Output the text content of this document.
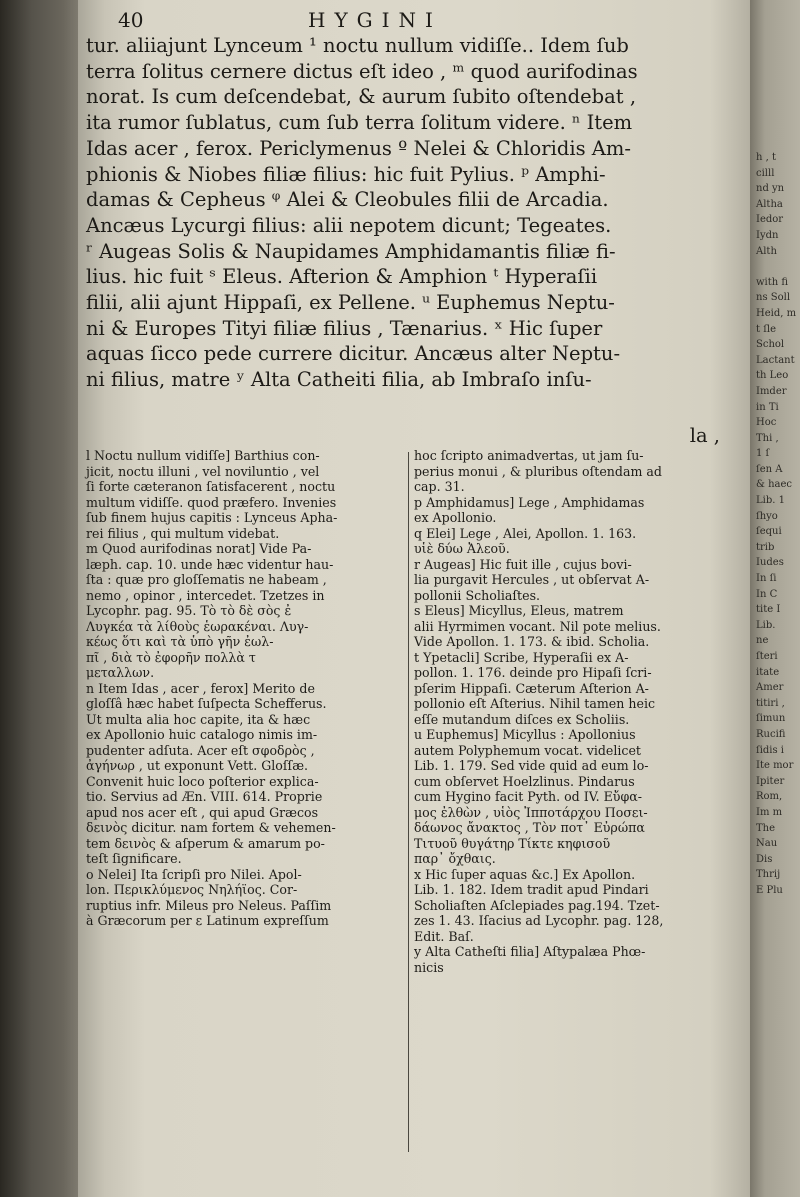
40	HYGINI

tur. aliiajunt Lynceum ¹ noctu nullum vidiſſe.. Idem ſub

terra ſolitus cernere dictus eſt ideo , ᵐ quod aurifodinas

norat. Is cum deſcendebat, & aurum ſubito oſtendebat ,

ita rumor ſublatus, cum ſub terra ſolitum videre. ⁿ Item

Idas acer , ferox. Periclymenus º Nelei & Chloridis Am-

phionis & Niobes filiæ filius: hic fuit Pylius. ᵖ Amphi-

damas & Cepheus ᵠ Alei & Cleobules filii de Arcadia.

Ancæus Lycurgi filius: alii nepotem dicunt; Tegeates.

ʳ Augeas Solis & Naupidames Amphidamantis filiæ fi-

lius. hic fuit ˢ Eleus. Afterion & Amphion ᵗ Hyperaſii

filii, alii ajunt Hippaſi, ex Pellene. ᵘ Euphemus Neptu-

ni & Europes Tityi filiæ filius , Tænarius. ˣ Hic ſuper

aquas ſicco pede currere dicitur. Ancæus alter Neptu-

ni filius, matre ʸ Alta Catheiti filia, ab Imbraſo inſu-

la ,

l Noctu nullum vidiſſe] Barthius con-

jicit, noctu illuni , vel noviluntio , vel

ſi forte cæteranon ſatisfacerent , noctu

multum vidiſſe. quod præfero. Invenies

ſub finem hujus capitis : Lynceus Apha-

rei filius , qui multum videbat.

m Quod aurifodinas norat] Vide Pa-

læph. cap. 10. unde hæc videntur hau-

ſta : quæ pro gloſſematis ne habeam ,

nemo , opinor , intercedet. Tzetzes in

Lycophr. pag. 95. Τὸ τὸ δὲ σὸς ἐ

Λυγκέα τὰ λίθοὺς ἑωρακέναι. Λυγ-

κέως ὅτι καὶ τὰ ὑπὸ γῆν ἐωλ-

πῖ , διὰ τὸ ἐφορῆν πολλὰ τ

μεταλλων.

n Item Idas , acer , ferox] Merito de

gloſſâ hæc habet ſuſpecta Schefferus.

Ut multa alia hoc capite, ita & hæc

ex Apollonio huic catalogo nimis im-

pudenter adſuta. Acer eſt σφοδρὸς ,

ἀγήνωρ , ut exponunt Vett. Gloſſæ.

Convenit huic loco poſterior explica-

tio. Servius ad Æn. VIII. 614. Proprie

apud nos acer eſt , qui apud Græcos

δεινὸς dicitur. nam fortem & vehemen-

tem δεινὸς & aſperum & amarum po-

teſt ſignificare.

o Nelei] Ita ſcripſi pro Nilei. Apol-

lon. Περικλύμενος Νηλήϊος. Cor-

ruptius infr. Mileus pro Neleus. Paſſim

à Græcorum per ε Latinum expreſſum

hoc ſcripto animadvertas, ut jam ſu-

perius monui , & pluribus oſtendam ad

cap. 31.

p Amphidamus] Lege , Amphidamas

ex Apollonio.

q Elei] Lege , Alei, Apollon. 1. 163.

υἱὲ δύω Ἀλεοῦ.

r Augeas] Hic fuit ille , cujus bovi-

lia purgavit Hercules , ut obſervat A-

pollonii Scholiaſtes.

s Eleus] Micyllus, Eleus, matrem

alii Hyrmimen vocant. Nil pote melius.

Vide Apollon. 1. 173. & ibid. Scholia.

t Ypetacli] Scribe, Hyperaſii ex A-

pollon. 1. 176. deinde pro Hipaſi ſcri-

pſerim Hippaſi. Cæterum Aſterion A-

pollonio eſt Aſterius. Nihil tamen heic

eſſe mutandum diſces ex Scholiis.

u Euphemus] Micyllus : Apollonius

autem Polyphemum vocat. videlicet

Lib. 1. 179. Sed vide quid ad eum lo-

cum obſervet Hoelzlinus. Pindarus

cum Hygino facit Pyth. od IV. Εὔφα-

μος ἐλθὼν , υἱὸς Ἰπποτάρχου Ποσει-

δάωνος ἄνακτος , Τὸν ποτ᾽ Εὐρώπα

Τιτυοῦ θυγάτηρ Τίκτε κηφισοῦ

παρ᾽ ὄχθαις.

x Hic ſuper aquas &c.] Ex Apollon.

Lib. 1. 182. Idem tradit apud Pindari

Scholiaſten Aſclepiades pag.194. Tzet-

zes 1. 43. Iſacius ad Lycophr. pag. 128,

Edit. Baſ.

y Alta Catheſti filia] Aſtypalæa Phœ-

nicis

h , t
cilll
nd yn
Altha
Iedor
Iydn
Alth
with fi
ns Soll
Heid, m
t ſle
Schol
Lactant
th Leo
Imder
in Ti
Hoc
Thi ,
1 ſ
ſen A
& haec
Lib. 1
ſhyo
ſequi
trib
Iudes
In ſi
In C
tite I
Lib.
ne
ſteri
itate
Amer
titiri ,
ſimun
Rucifi
ſidis i
Ite mor
Ipiter
Rom,
Im m
The
Nau
Dis
Thrij
E Plu
